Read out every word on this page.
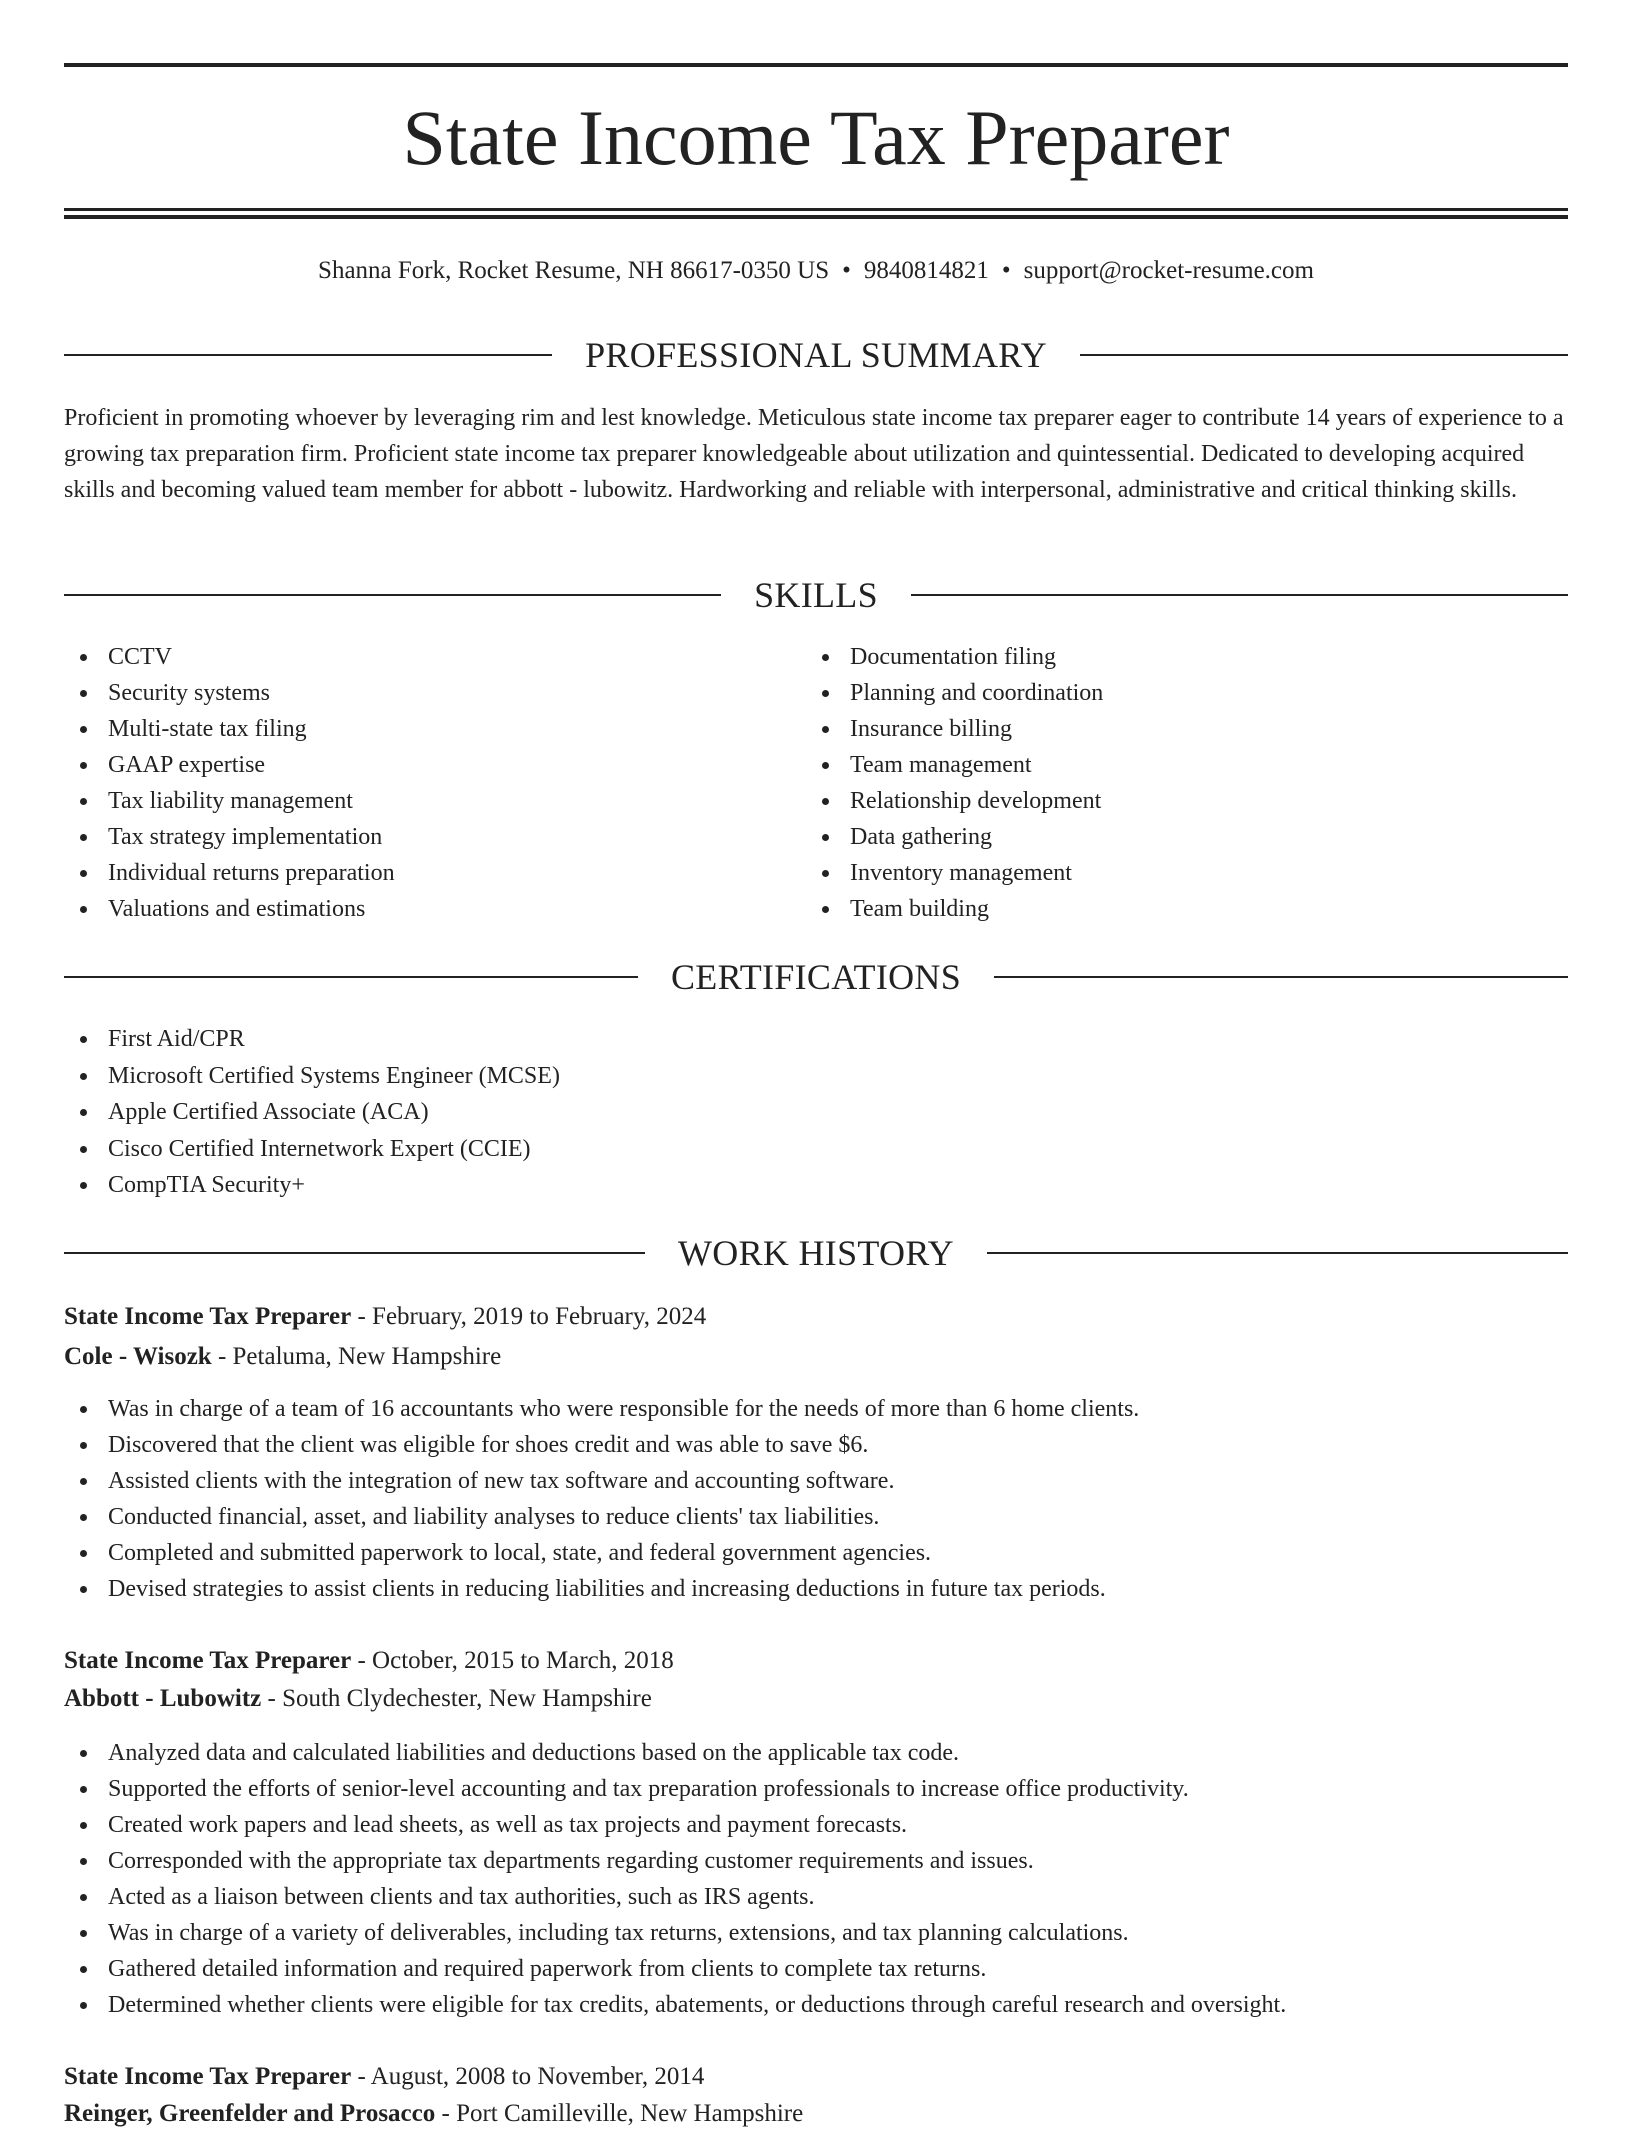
State Income Tax Preparer
Shanna Fork, Rocket Resume, NH 86617-0350 US • 9840814821 • support@rocket-resume.com
PROFESSIONAL SUMMARY

Proficient in promoting whoever by leveraging rim and lest knowledge. Meticulous state income tax preparer eager to contribute 14 years of experience to a growing tax preparation firm. Proficient state income tax preparer knowledgeable about utilization and quintessential. Dedicated to developing acquired skills and becoming valued team member for abbott - lubowitz. Hardworking and reliable with interpersonal, administrative and critical thinking skills.

SKILLS
CCTV
Security systems
Multi-state tax filing
GAAP expertise
Tax liability management
Tax strategy implementation
Individual returns preparation
Valuations and estimations
Documentation filing
Planning and coordination
Insurance billing
Team management
Relationship development
Data gathering
Inventory management
Team building
CERTIFICATIONS
First Aid/CPR
Microsoft Certified Systems Engineer (MCSE)
Apple Certified Associate (ACA)
Cisco Certified Internetwork Expert (CCIE)
CompTIA Security+
WORK HISTORY
State Income Tax Preparer - February, 2019 to February, 2024
Cole - Wisozk - Petaluma, New Hampshire
Was in charge of a team of 16 accountants who were responsible for the needs of more than 6 home clients.
Discovered that the client was eligible for shoes credit and was able to save $6.
Assisted clients with the integration of new tax software and accounting software.
Conducted financial, asset, and liability analyses to reduce clients' tax liabilities.
Completed and submitted paperwork to local, state, and federal government agencies.
Devised strategies to assist clients in reducing liabilities and increasing deductions in future tax periods.
State Income Tax Preparer - October, 2015 to March, 2018
Abbott - Lubowitz - South Clydechester, New Hampshire
Analyzed data and calculated liabilities and deductions based on the applicable tax code.
Supported the efforts of senior-level accounting and tax preparation professionals to increase office productivity.
Created work papers and lead sheets, as well as tax projects and payment forecasts.
Corresponded with the appropriate tax departments regarding customer requirements and issues.
Acted as a liaison between clients and tax authorities, such as IRS agents.
Was in charge of a variety of deliverables, including tax returns, extensions, and tax planning calculations.
Gathered detailed information and required paperwork from clients to complete tax returns.
Determined whether clients were eligible for tax credits, abatements, or deductions through careful research and oversight.
State Income Tax Preparer - August, 2008 to November, 2014
Reinger, Greenfelder and Prosacco - Port Camilleville, New Hampshire
